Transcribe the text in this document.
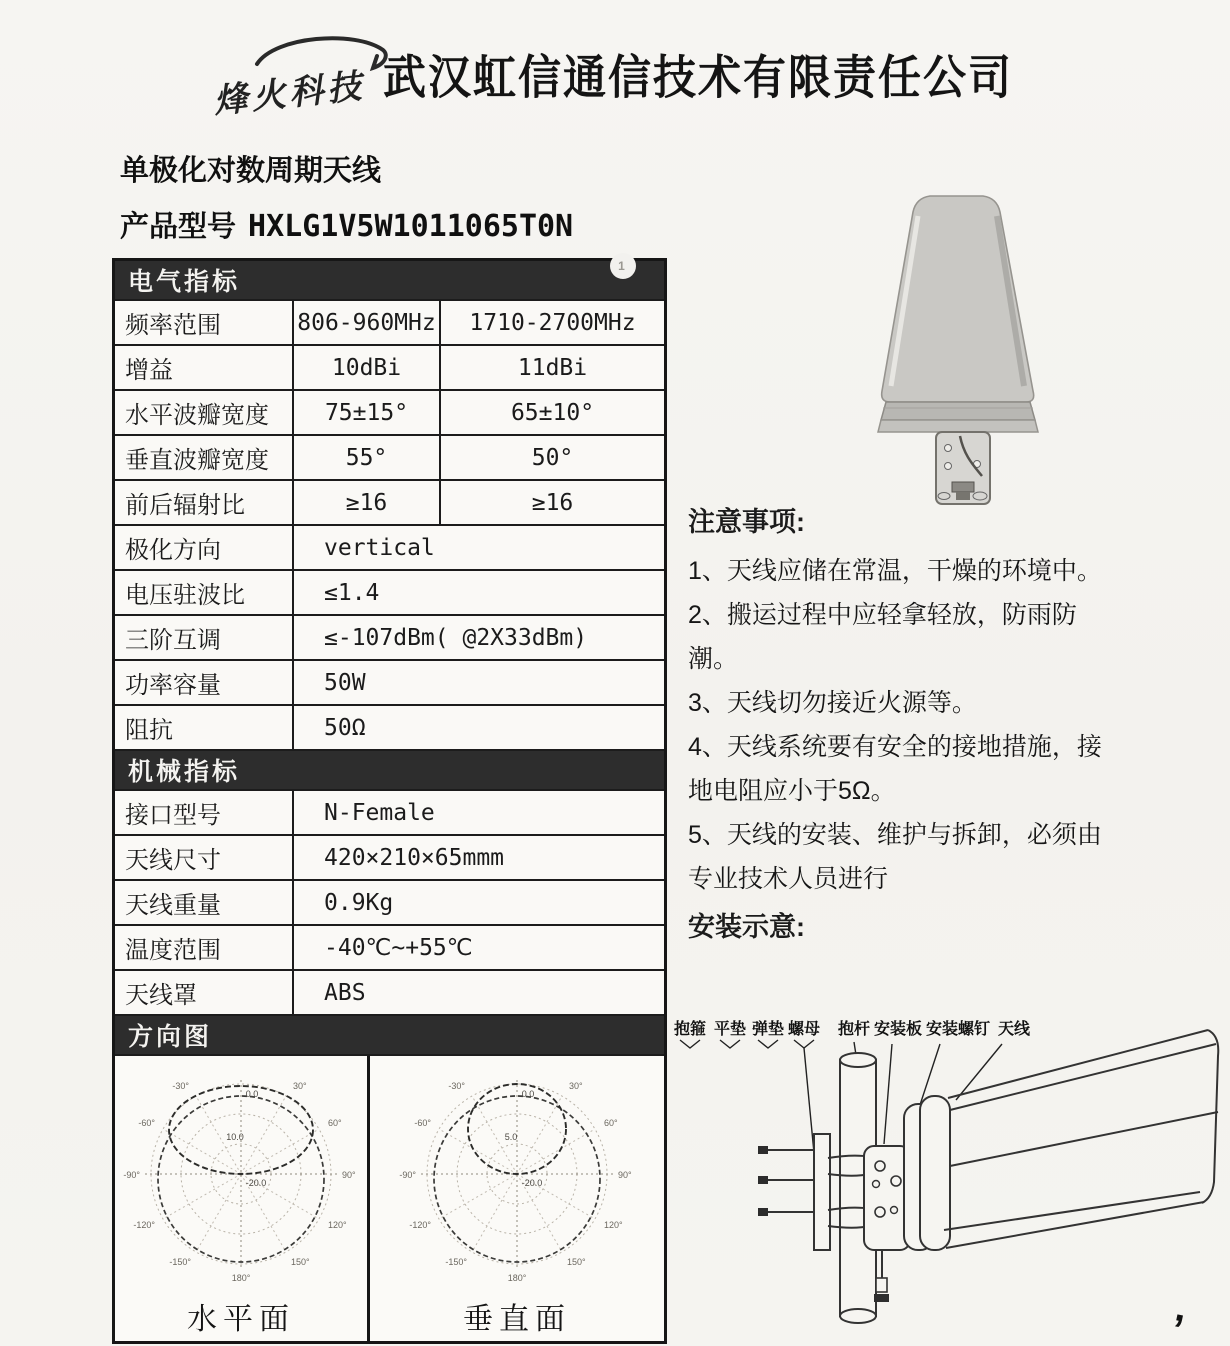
烽火科技 武汉虹信通信技术有限责任公司
单极化对数周期天线
产品型号 HXLG1V5W1011065T0N
电气指标
1
频率范围	806-960MHz	1710-2700MHz
增益	10dBi	11dBi
水平波瓣宽度	75±15°	65±10°
垂直波瓣宽度	55°	50°
前后辐射比	≥16	≥16
极化方向	vertical
电压驻波比	≤1.4
三阶互调	≤-107dBm( @2X33dBm)
功率容量	50W
阻抗	50Ω
机械指标
接口型号	N-Female
天线尺寸	420×210×65mmm
天线重量	0.9Kg
温度范围	-40℃~+55℃
天线罩	ABS
方向图
0.0
10.0
-20.0
-30°	30°
-60°	60°
-90°	90°
-120°	120°
-150°	150°
180°
水平面
0.0
5.0
-20.0
-30°	30°
-60°	60°
-90°	90°
-120°	120°
-150°	150°
180°
垂直面
注意事项:
1、天线应储在常温，干燥的环境中。
2、搬运过程中应轻拿轻放，防雨防潮。
3、天线切勿接近火源等。
4、天线系统要有安全的接地措施，接地电阻应小于5Ω。
5、天线的安装、维护与拆卸，必须由专业技术人员进行
安装示意:
抱箍 平垫 弹垫 螺母 抱杆 安装板 安装螺钉 天线
,
